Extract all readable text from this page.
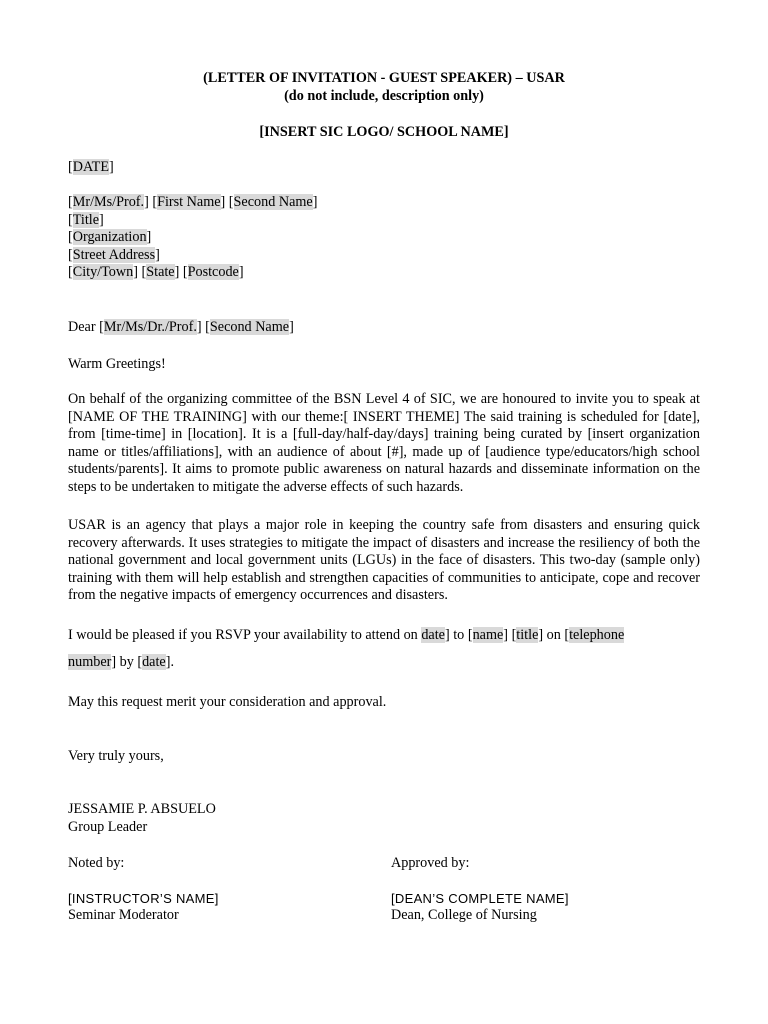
(LETTER OF INVITATION - GUEST SPEAKER) – USAR

(do not include, description only)

[INSERT SIC LOGO/ SCHOOL NAME]

[DATE]

[Mr/Ms/Prof.] [First Name] [Second Name]
[Title]
[Organization]
[Street Address]
[City/Town] [State] [Postcode]

Dear [Mr/Ms/Dr./Prof.] [Second Name]

Warm Greetings!

On behalf of the organizing committee of the BSN Level 4 of SIC, we are honoured to invite you to speak at [NAME OF THE TRAINING] with our theme:[ INSERT THEME] The said training is scheduled for [date], from [time-time] in [location]. It is a [full-day/half-day/days] training being curated by [insert organization name or titles/affiliations], with an audience of about [#], made up of [audience type/educators/high school students/parents]. It aims to promote public awareness on natural hazards and disseminate information on the steps to be undertaken to mitigate the adverse effects of such hazards.

USAR is an agency that plays a major role in keeping the country safe from disasters and ensuring quick recovery afterwards. It uses strategies to mitigate the impact of disasters and increase the resiliency of both the national government and local government units (LGUs) in the face of disasters. This two-day (sample only) training with them will help establish and strengthen capacities of communities to anticipate, cope and recover from the negative impacts of emergency occurrences and disasters.

I would be pleased if you RSVP your availability to attend on date] to [name] [title] on [telephone
number] by [date].

May this request merit your consideration and approval.

Very truly yours,

JESSAMIE P. ABSUELO
Group Leader
Noted by:
[INSTRUCTOR’S NAME]
Seminar Moderator
Approved by:
[DEAN’S COMPLETE NAME]
Dean, College of Nursing
